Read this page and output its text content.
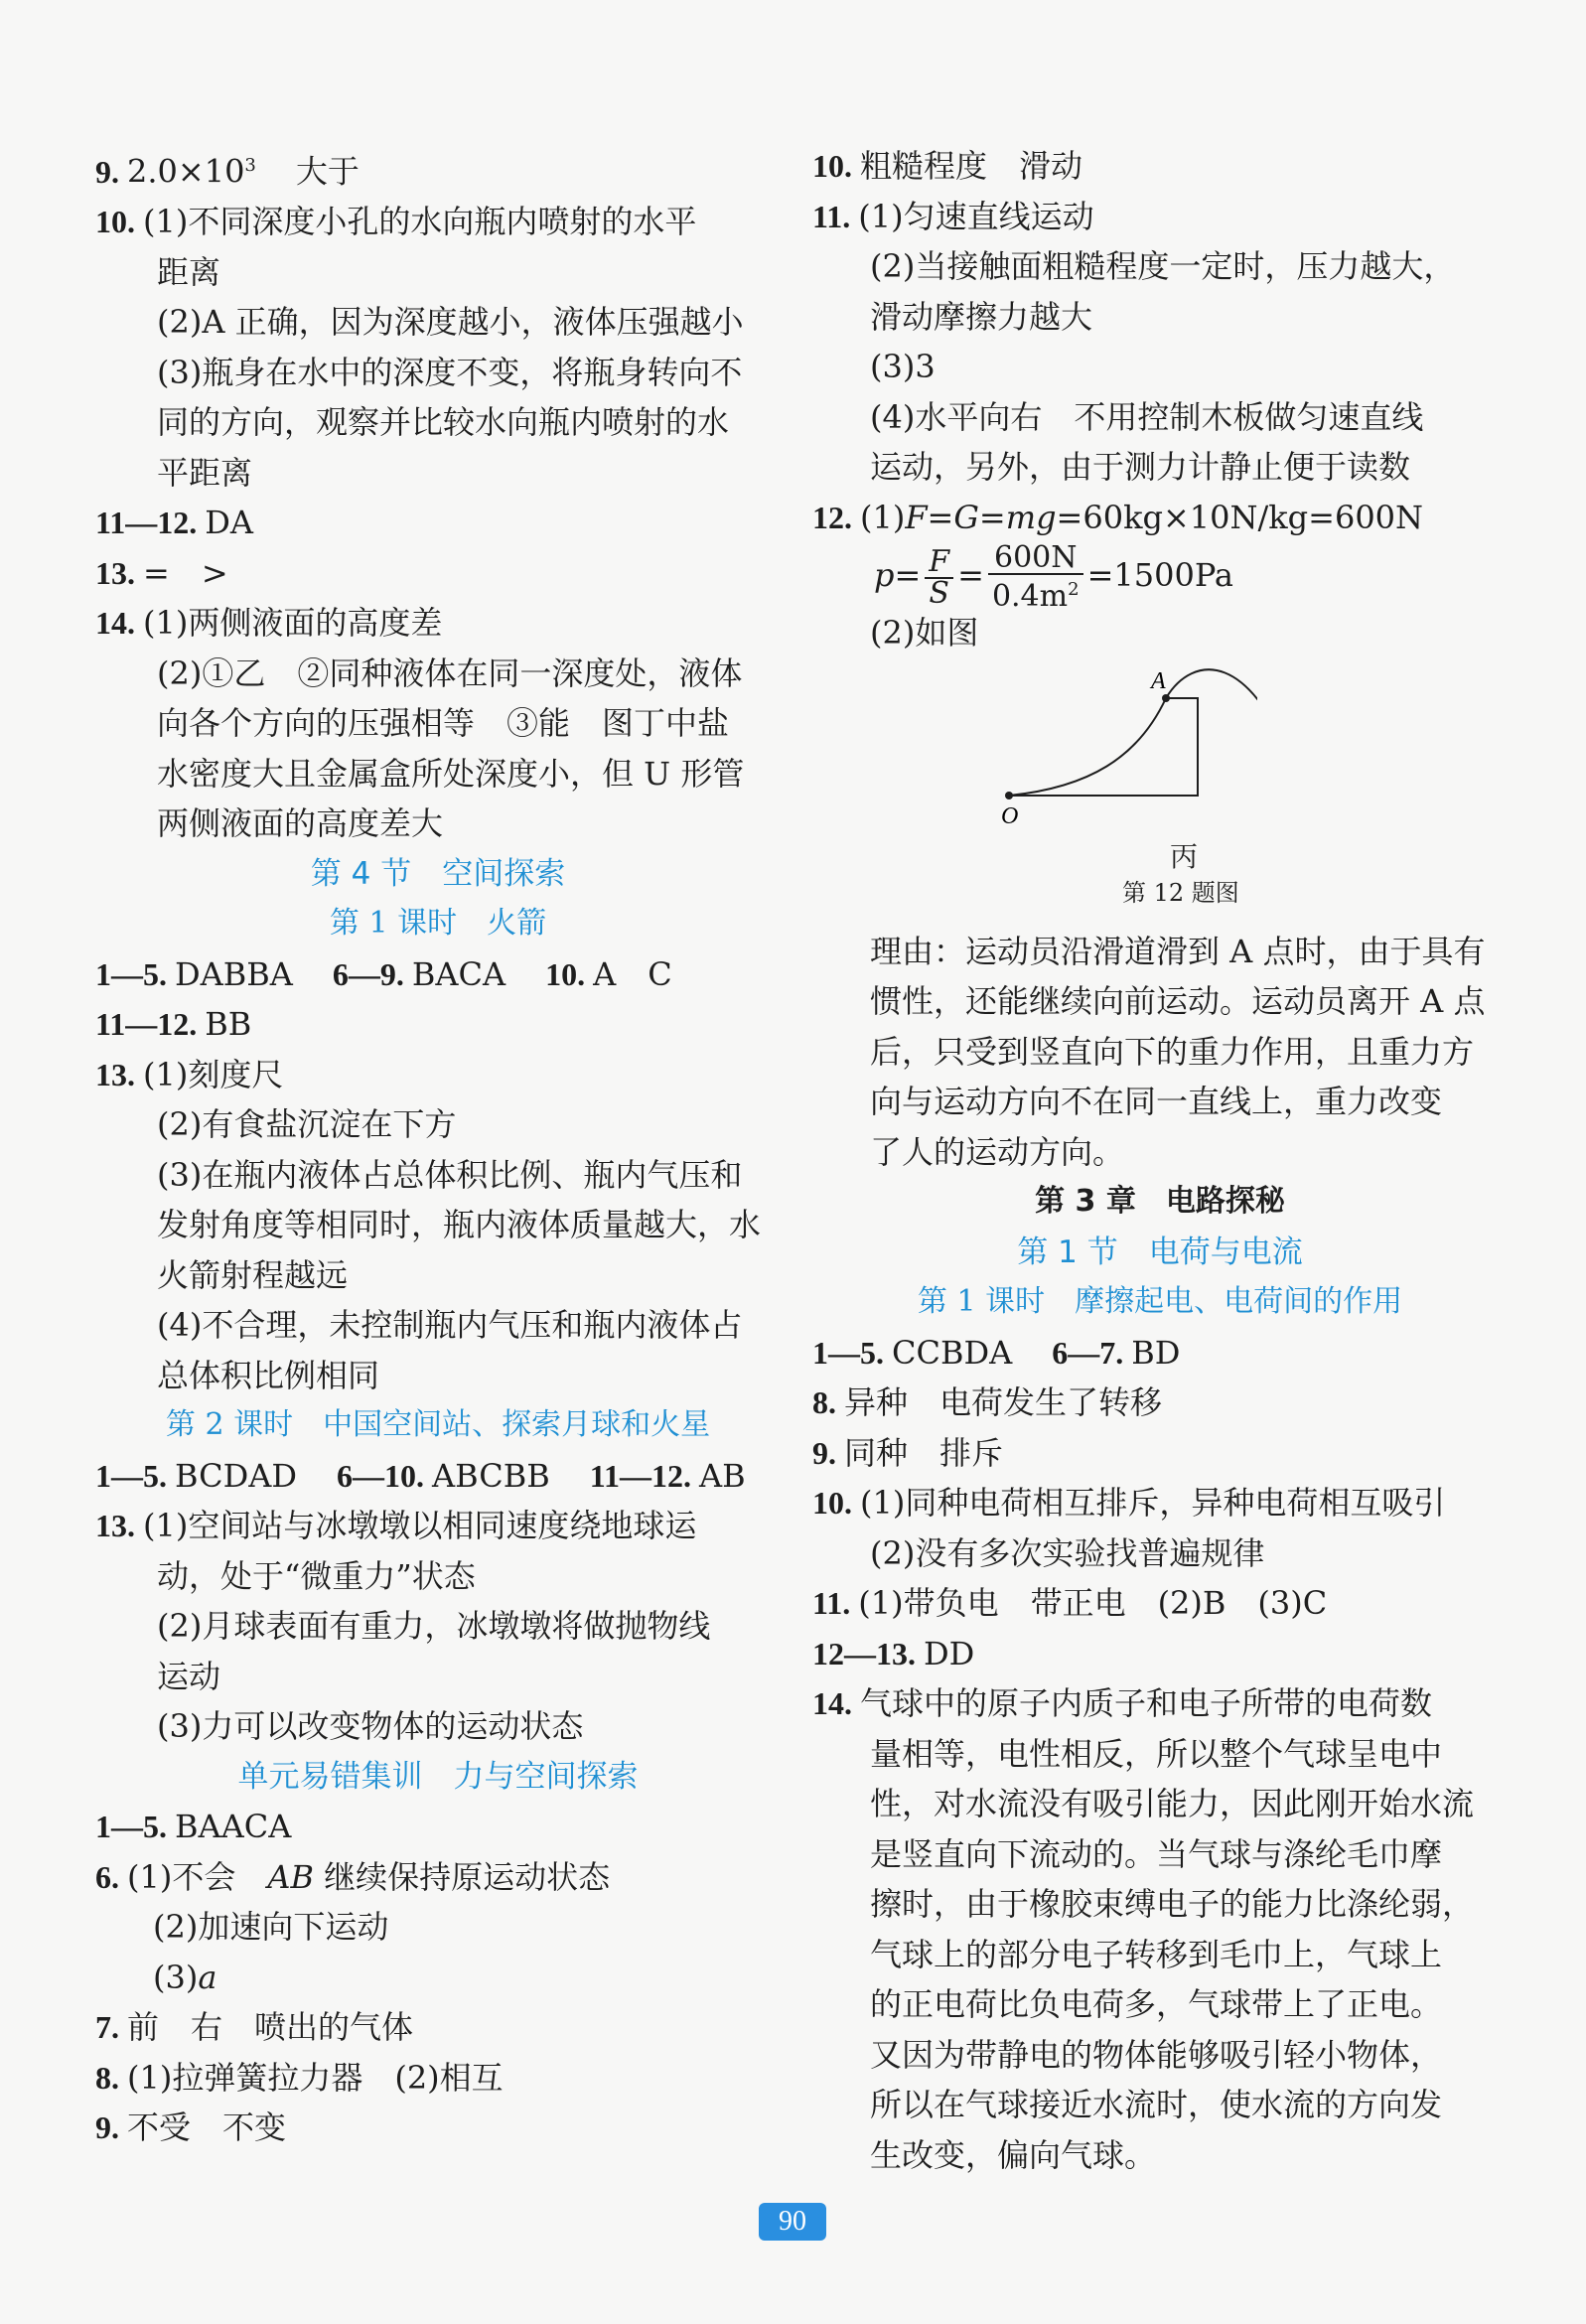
9. $2.0\times 10^3$ 大于
10. (1)不同深度小孔的水向瓶内喷射的水平
距离
(2)A 正确，因为深度越小，液体压强越小
(3)瓶身在水中的深度不变，将瓶身转向不
同的方向，观察并比较水向瓶内喷射的水
平距离
11—12. DA
13. =　>
14. (1)两侧液面的高度差
(2)①乙　②同种液体在同一深度处，液体
向各个方向的压强相等　③能　图丁中盐
水密度大且金属盒所处深度小，但 U 形管
两侧液面的高度差大
第 4 节　空间探索
第 1 课时　火箭
1—5. DABBA 6—9. BACA 10. A　C
11—12. BB
13. (1)刻度尺
(2)有食盐沉淀在下方
(3)在瓶内液体占总体积比例、瓶内气压和
发射角度等相同时，瓶内液体质量越大，水
火箭射程越远
(4)不合理，未控制瓶内气压和瓶内液体占
总体积比例相同
第 2 课时　中国空间站、探索月球和火星
1—5. BCDAD 6—10. ABCBB 11—12. AB
13. (1)空间站与冰墩墩以相同速度绕地球运
动，处于“微重力”状态
(2)月球表面有重力，冰墩墩将做抛物线
运动
(3)力可以改变物体的运动状态
单元易错集训　力与空间探索
1—5. BAACA
6. (1)不会　AB 继续保持原运动状态
(2)加速向下运动
(3)a
7. 前　右　喷出的气体
8. (1)拉弹簧拉力器　(2)相互
9. 不受　不变
10. 粗糙程度　滑动
11. (1)匀速直线运动
(2)当接触面粗糙程度一定时，压力越大，
滑动摩擦力越大
(3)3
(4)水平向右　不用控制木板做匀速直线
运动，另外，由于测力计静止便于读数
12. (1)F=G=mg=60kg×10N/kg=600N
$p= \frac{F}{S} = \frac{600N}{0.4m^2} =1500Pa$
(2)如图
A
O
丙
第 12 题图
理由：运动员沿滑道滑到 A 点时，由于具有
惯性，还能继续向前运动。运动员离开 A 点
后，只受到竖直向下的重力作用，且重力方
向与运动方向不在同一直线上，重力改变
了人的运动方向。
第 3 章　电路探秘
第 1 节　电荷与电流
第 1 课时　摩擦起电、电荷间的作用
1—5. CCBDA 6—7. BD
8. 异种　电荷发生了转移
9. 同种　排斥
10. (1)同种电荷相互排斥，异种电荷相互吸引
(2)没有多次实验找普遍规律
11. (1)带负电　带正电　(2)B　(3)C
12—13. DD
14. 气球中的原子内质子和电子所带的电荷数
量相等，电性相反，所以整个气球呈电中
性，对水流没有吸引能力，因此刚开始水流
是竖直向下流动的。当气球与涤纶毛巾摩
擦时，由于橡胶束缚电子的能力比涤纶弱，
气球上的部分电子转移到毛巾上，气球上
的正电荷比负电荷多，气球带上了正电。
又因为带静电的物体能够吸引轻小物体，
所以在气球接近水流时，使水流的方向发
生改变，偏向气球。
90
